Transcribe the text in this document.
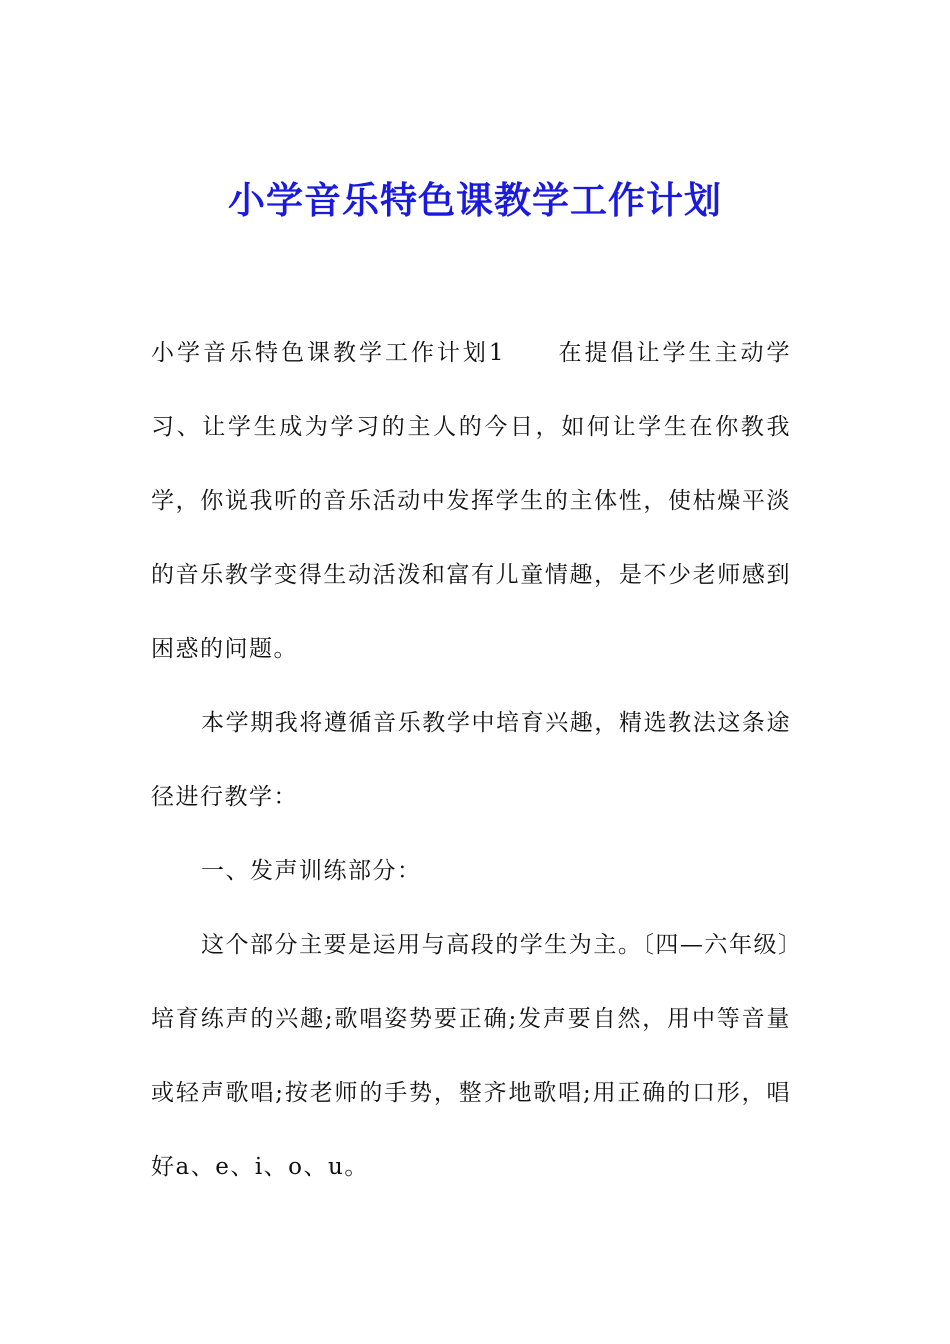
小学音乐特色课教学工作计划

小学音乐特色课教学工作计划1 在提倡让学生主动学习、让学生成为学习的主人的今日，如何让学生在你教我学，你说我听的音乐活动中发挥学生的主体性，使枯燥平淡的音乐教学变得生动活泼和富有儿童情趣，是不少老师感到困惑的问题。

本学期我将遵循音乐教学中培育兴趣，精选教法这条途径进行教学：

一、发声训练部分：

这个部分主要是运用与高段的学生为主。〔四—六年级〕培育练声的兴趣;歌唱姿势要正确;发声要自然，用中等音量或轻声歌唱;按老师的手势，整齐地歌唱;用正确的口形，唱好a、e、i、o、u。
